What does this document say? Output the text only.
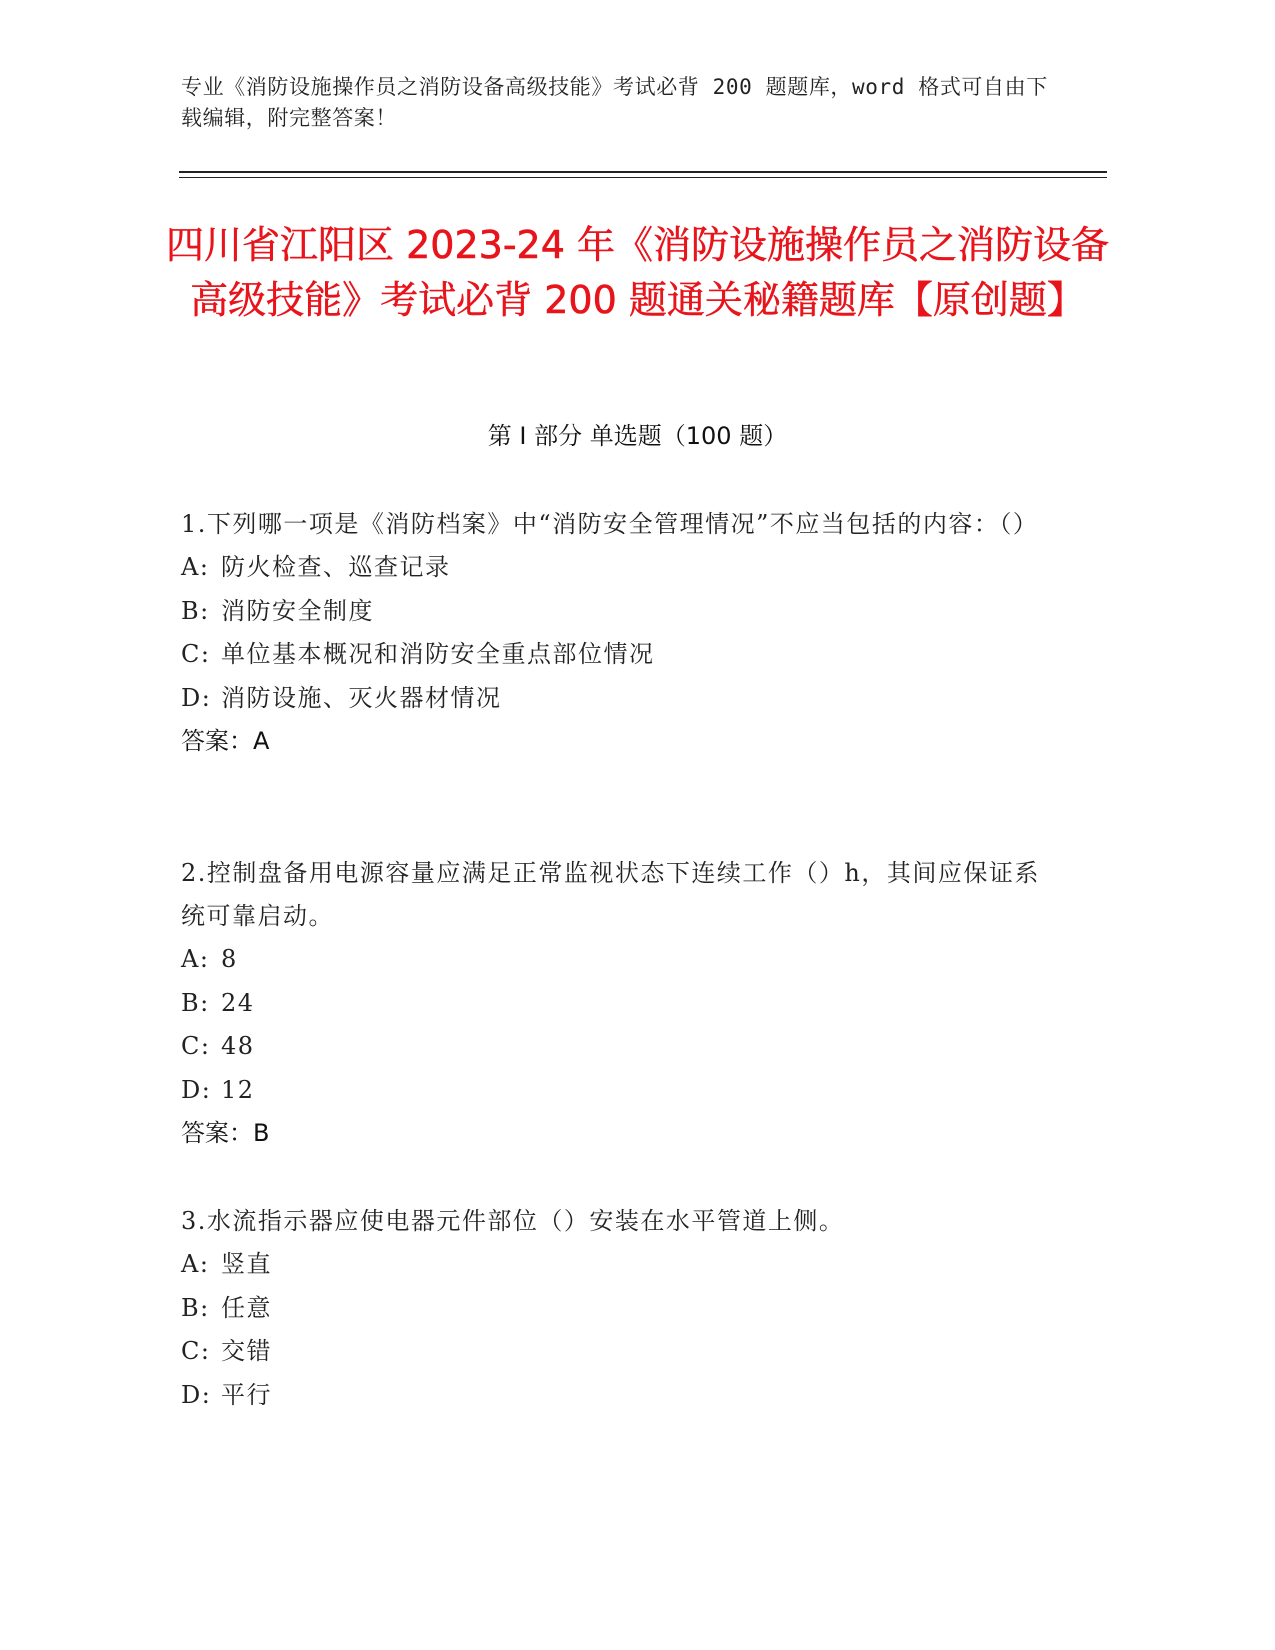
专业《消防设施操作员之消防设备高级技能》考试必背 200 题题库，word 格式可自由下载编辑，附完整答案！
四川省江阳区 2023-24 年《消防设施操作员之消防设备高级技能》考试必背 200 题通关秘籍题库【原创题】
第 I 部分 单选题（100 题）
1.下列哪一项是《消防档案》中“消防安全管理情况”不应当包括的内容：（）
A: 防火检查、巡查记录
B: 消防安全制度
C: 单位基本概况和消防安全重点部位情况
D: 消防设施、灭火器材情况
答案：A
2.控制盘备用电源容量应满足正常监视状态下连续工作（）h，其间应保证系统可靠启动。
A: 8
B: 24
C: 48
D: 12
答案：B
3.水流指示器应使电器元件部位（）安装在水平管道上侧。
A: 竖直
B: 任意
C: 交错
D: 平行
